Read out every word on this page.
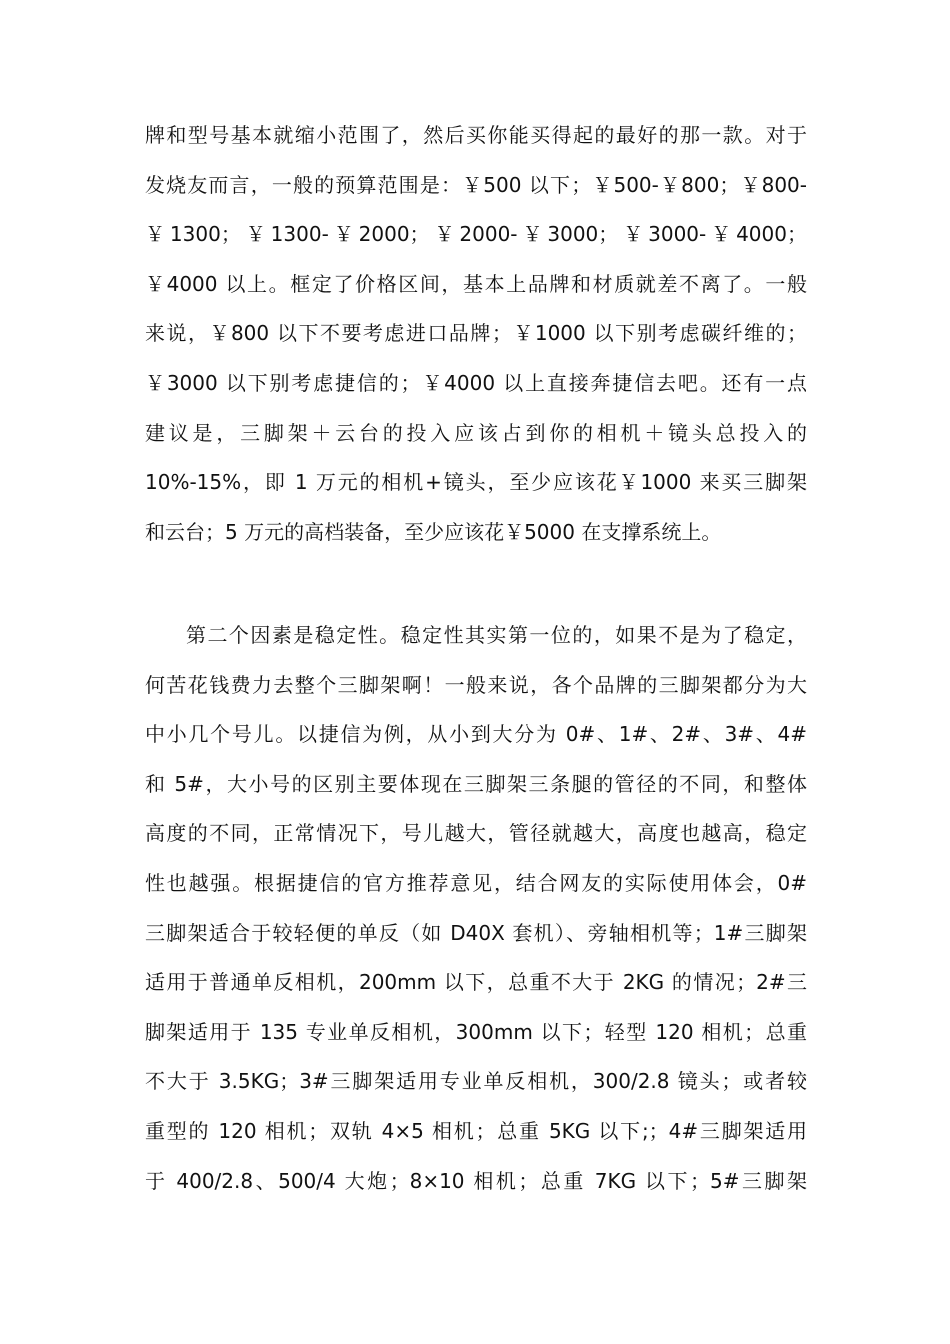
牌和型号基本就缩小范围了，然后买你能买得起的最好的那一款。对于
发烧友而言，一般的预算范围是：￥500 以下；￥500-￥800；￥800-
￥1300；￥1300-￥2000；￥2000-￥3000；￥3000-￥4000；
￥4000 以上。框定了价格区间，基本上品牌和材质就差不离了。一般
来说，￥800 以下不要考虑进口品牌；￥1000 以下别考虑碳纤维的；
￥3000 以下别考虑捷信的；￥4000 以上直接奔捷信去吧。还有一点
建议是，三脚架＋云台的投入应该占到你的相机＋镜头总投入的
10%-15%，即 1 万元的相机+镜头，至少应该花￥1000 来买三脚架
和云台；5 万元的高档装备，至少应该花￥5000 在支撑系统上。
第二个因素是稳定性。稳定性其实第一位的，如果不是为了稳定，
何苦花钱费力去整个三脚架啊！一般来说，各个品牌的三脚架都分为大
中小几个号儿。以捷信为例，从小到大分为 0#、1#、2#、3#、4#
和 5#，大小号的区别主要体现在三脚架三条腿的管径的不同，和整体
高度的不同，正常情况下，号儿越大，管径就越大，高度也越高，稳定
性也越强。根据捷信的官方推荐意见，结合网友的实际使用体会，0#
三脚架适合于较轻便的单反（如 D40X 套机）、旁轴相机等；1#三脚架
适用于普通单反相机，200mm 以下，总重不大于 2KG 的情况；2#三
脚架适用于 135 专业单反相机，300mm 以下；轻型 120 相机；总重
不大于 3.5KG；3#三脚架适用专业单反相机，300/2.8 镜头；或者较
重型的 120 相机；双轨 4×5 相机；总重 5KG 以下;；4#三脚架适用
于 400/2.8、500/4 大炮；8×10 相机；总重 7KG 以下；5#三脚架
